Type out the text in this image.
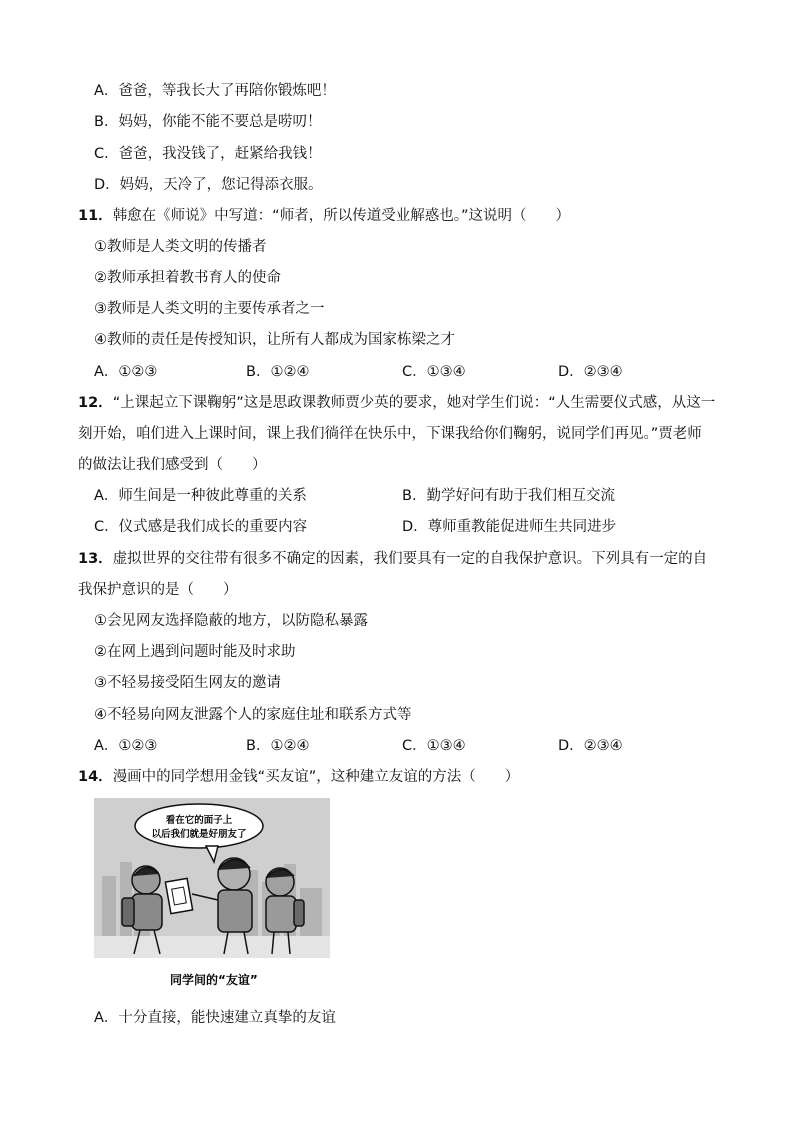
A．爸爸，等我长大了再陪你锻炼吧！
B．妈妈，你能不能不要总是唠叨！
C．爸爸，我没钱了，赶紧给我钱！
D．妈妈，天冷了，您记得添衣服。
11．韩愈在《师说》中写道：“师者，所以传道受业解惑也。”这说明（　　）
①教师是人类文明的传播者
②教师承担着教书育人的使命
③教师是人类文明的主要传承者之一
④教师的责任是传授知识，让所有人都成为国家栋梁之才
A．①②③	B．①②④	C．①③④	D．②③④
12．“上课起立下课鞠躬”这是思政课教师贾少英的要求，她对学生们说：“人生需要仪式感，从这一
刻开始，咱们进入上课时间，课上我们徜徉在快乐中，下课我给你们鞠躬，说同学们再见。”贾老师
的做法让我们感受到（　　）
A．师生间是一种彼此尊重的关系	B．勤学好问有助于我们相互交流
C．仪式感是我们成长的重要内容	D．尊师重教能促进师生共同进步
13．虚拟世界的交往带有很多不确定的因素，我们要具有一定的自我保护意识。下列具有一定的自
我保护意识的是（　　）
①会见网友选择隐蔽的地方，以防隐私暴露
②在网上遇到问题时能及时求助
③不轻易接受陌生网友的邀请
④不轻易向网友泄露个人的家庭住址和联系方式等
A．①②③	B．①②④	C．①③④	D．②③④
14．漫画中的同学想用金钱“买友谊”，这种建立友谊的方法（　　）
看在它的面子上
以后我们就是好朋友了
同学间的“友谊”
A．十分直接，能快速建立真挚的友谊
